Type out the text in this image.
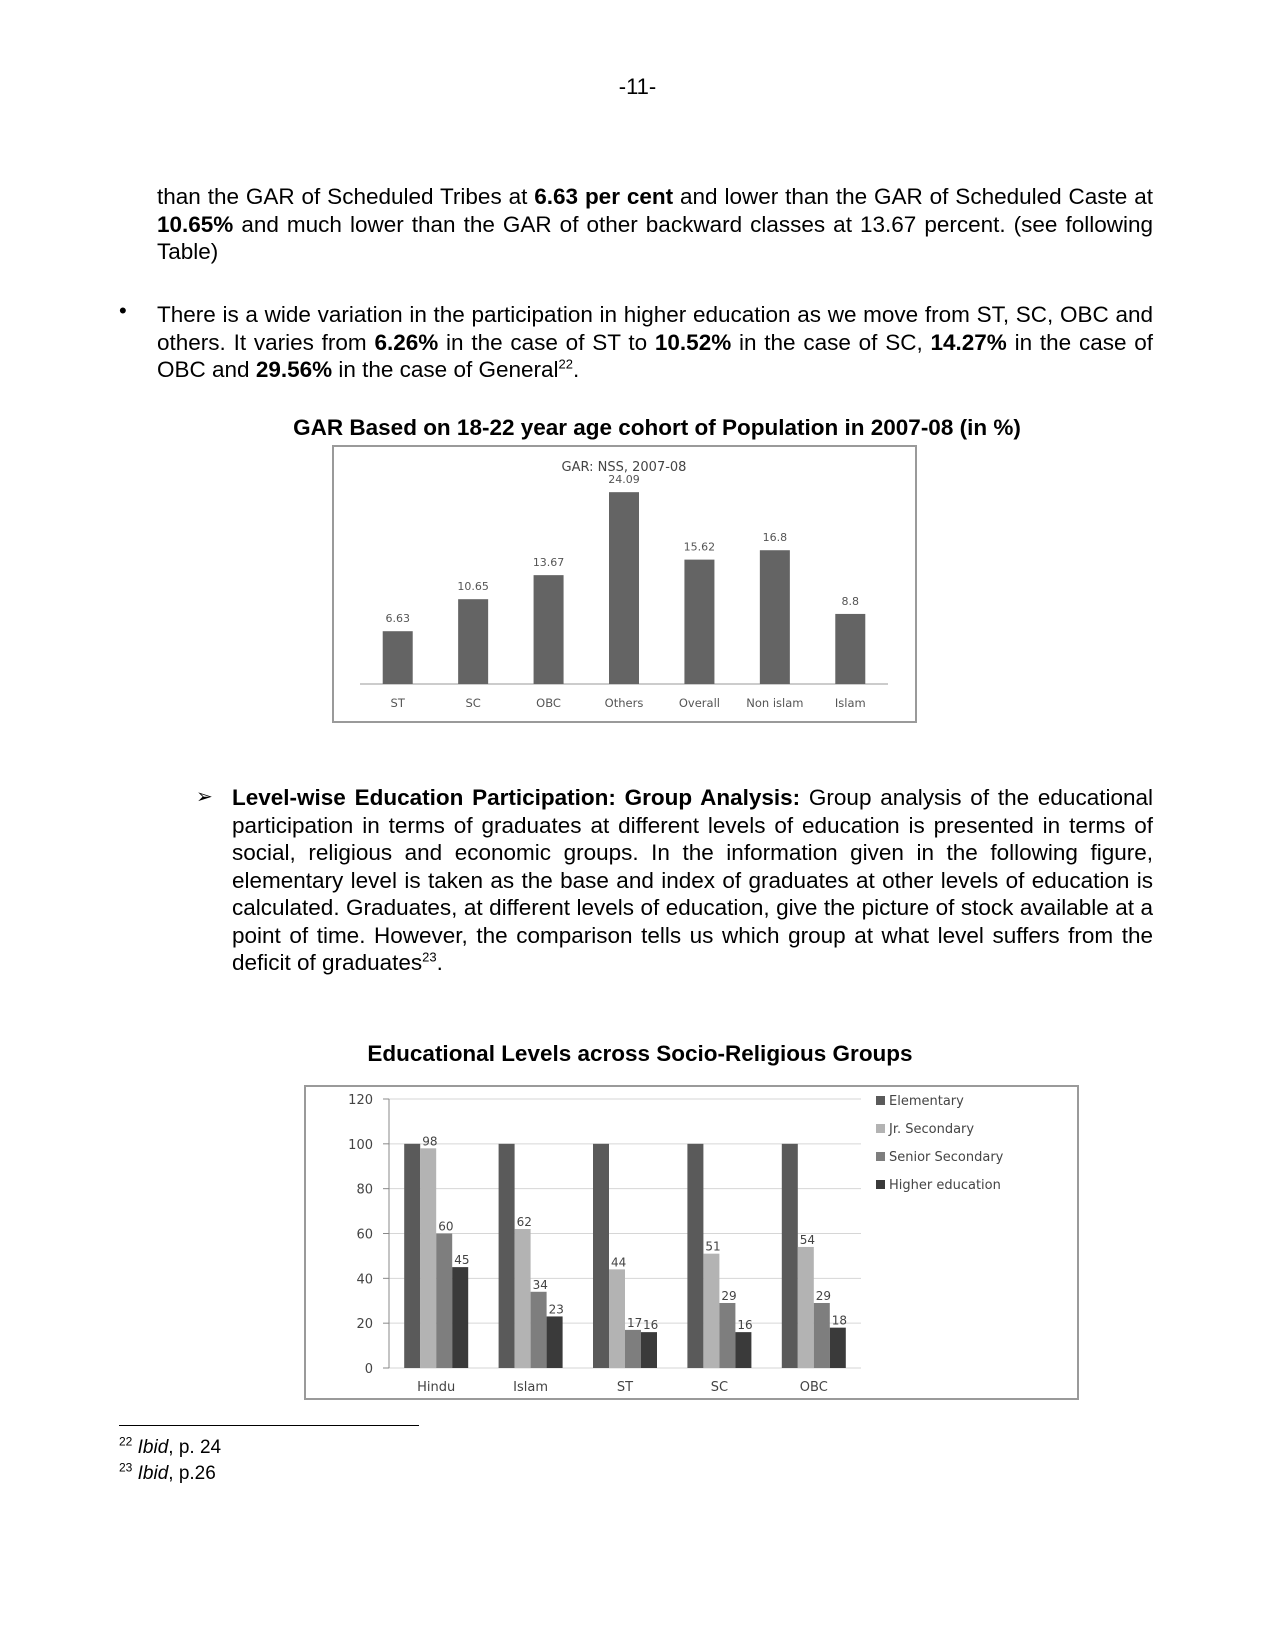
-11-
than the GAR of Scheduled Tribes at 6.63 per cent and lower than the GAR of Scheduled Caste at 10.65% and much lower than the GAR of other backward classes at 13.67 percent. (see following Table)
• There is a wide variation in the participation in higher education as we move from ST, SC, OBC and others. It varies from 6.26% in the case of ST to 10.52% in the case of SC, 14.27% in the case of OBC and 29.56% in the case of General$^{22}$.
GAR Based on 18-22 year age cohort of Population in 2007-08 (in %)
GAR: NSS, 2007-08
6.63
ST
10.65
SC
13.67
OBC
24.09
Others
15.62
Overall
16.8
Non islam
8.8
Islam
➢ Level-wise Education Participation: Group Analysis: Group analysis of the educational participation in terms of graduates at different levels of education is presented in terms of social, religious and economic groups. In the information given in the following figure, elementary level is taken as the base and index of graduates at other levels of education is calculated. Graduates, at different levels of education, give the picture of stock available at a point of time. However, the comparison tells us which group at what level suffers from the deficit of graduates$^{23}$.
Educational Levels across Socio-Religious Groups
0
20
40
60
80
100
120
98
60
45
Hindu
62
34
23
Islam
44
17 16
ST
51
29
16
SC
54
29
18
OBC
Elementary
Jr. Secondary
Senior Secondary
Higher education
$^{22}$ Ibid, p. 24
$^{23}$ Ibid, p.26
